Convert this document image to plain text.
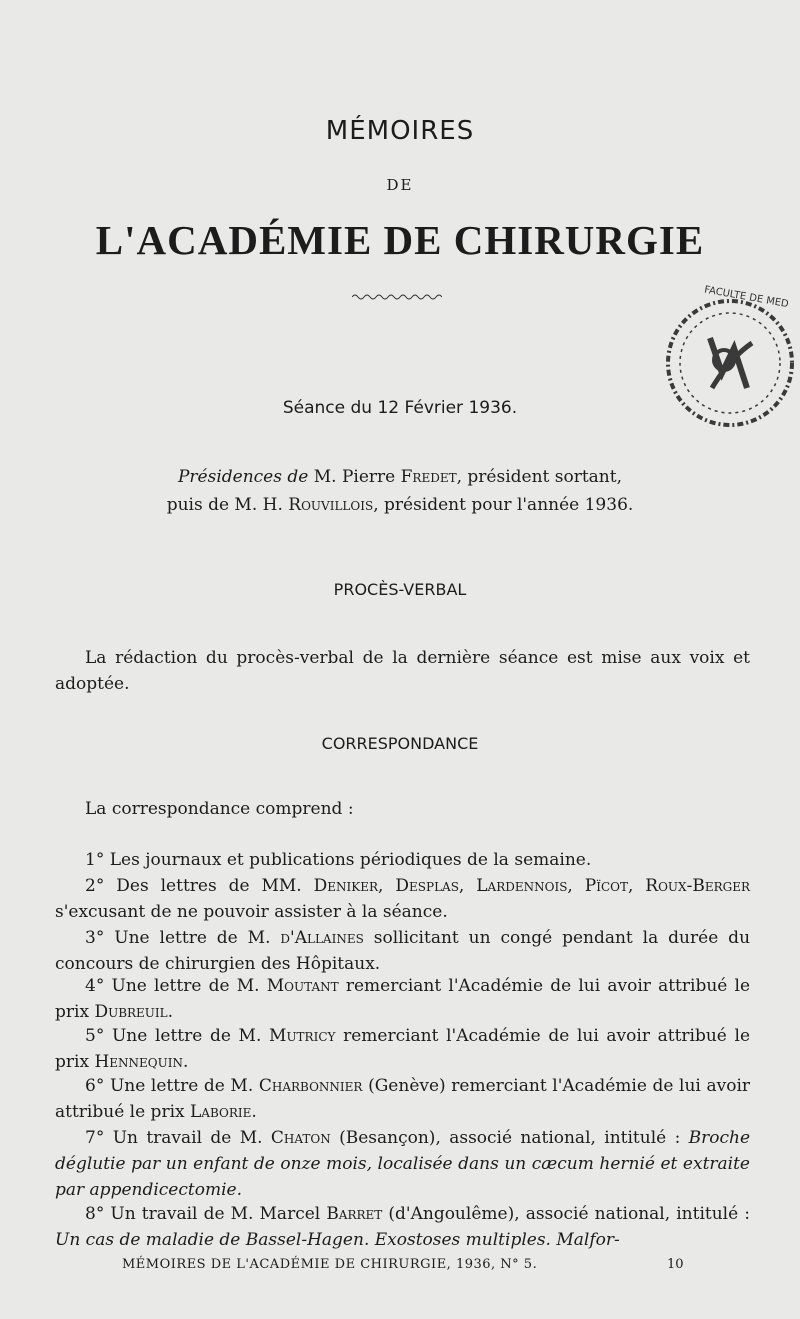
MÉMOIRES
DE
L'ACADÉMIE DE CHIRURGIE
FACULTE DE MED
Séance du 12 Février 1936.
Présidences de M. Pierre Fredet, président sortant,
puis de M. H. Rouvillois, président pour l'année 1936.
PROCÈS-VERBAL

La rédaction du procès-verbal de la dernière séance est mise aux voix et adoptée.

CORRESPONDANCE

La correspondance comprend :

1° Les journaux et publications périodiques de la semaine.

2° Des lettres de MM. Deniker, Desplas, Lardennois, Pïcot, Roux-Berger s'excusant de ne pouvoir assister à la séance.

3° Une lettre de M. d'Allaines sollicitant un congé pendant la durée du concours de chirurgien des Hôpitaux.

4° Une lettre de M. Moutant remerciant l'Académie de lui avoir attribué le prix Dubreuil.

5° Une lettre de M. Mutricy remerciant l'Académie de lui avoir attribué le prix Hennequin.

6° Une lettre de M. Charbonnier (Genève) remerciant l'Académie de lui avoir attribué le prix Laborie.

7° Un travail de M. Chaton (Besançon), associé national, intitulé : Broche déglutie par un enfant de onze mois, localisée dans un cæcum hernié et extraite par appendicectomie.

8° Un travail de M. Marcel Barret (d'Angoulême), associé national, intitulé : Un cas de maladie de Bassel-Hagen. Exostoses multiples. Malfor-

MÉMOIRES DE L'ACADÉMIE DE CHIRURGIE, 1936, N° 5.	10
